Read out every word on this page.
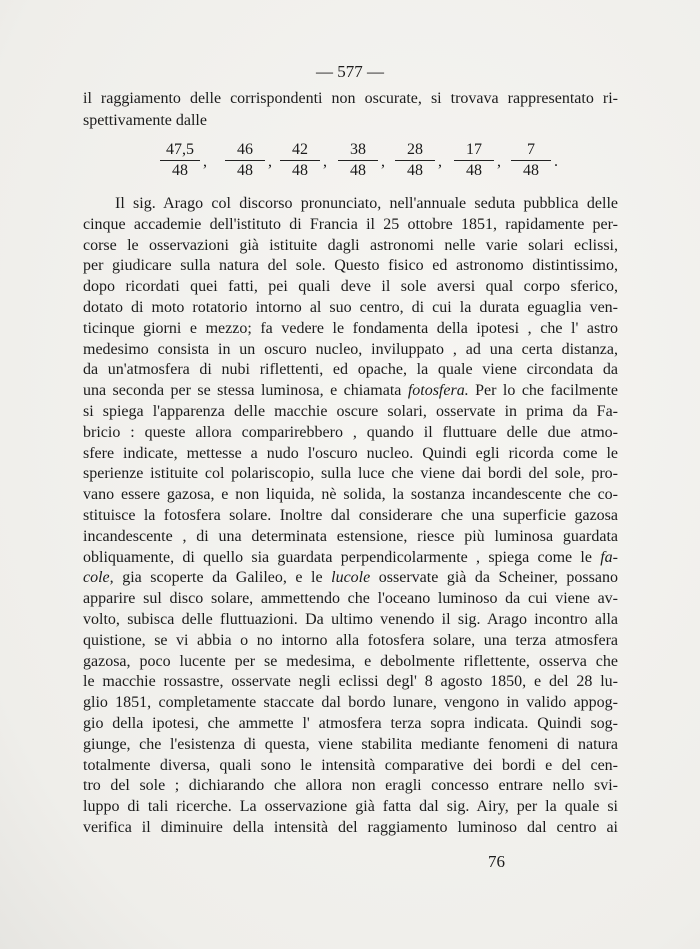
— 577 —
il raggiamento delle corrispondenti non oscurate, si trovava rappresentato ri-
spettivamente dalle
$\frac{47,5}{48}$ , $\frac{46}{48}$ , $\frac{42}{48}$ , $\frac{38}{48}$ , $\frac{28}{48}$ , $\frac{17}{48}$ , $\frac{7}{48}$ .
Il sig. Arago col discorso pronunciato, nell'annuale seduta pubblica delle
cinque accademie dell'istituto di Francia il 25 ottobre 1851, rapidamente per-
corse le osservazioni già istituite dagli astronomi nelle varie solari eclissi,
per giudicare sulla natura del sole. Questo fisico ed astronomo distintissimo,
dopo ricordati quei fatti, pei quali deve il sole aversi qual corpo sferico,
dotato di moto rotatorio intorno al suo centro, di cui la durata eguaglia ven-
ticinque giorni e mezzo; fa vedere le fondamenta della ipotesi , che l' astro
medesimo consista in un oscuro nucleo, inviluppato , ad una certa distanza,
da un'atmosfera di nubi riflettenti, ed opache, la quale viene circondata da
una seconda per se stessa luminosa, e chiamata fotosfera. Per lo che facilmente
si spiega l'apparenza delle macchie oscure solari, osservate in prima da Fa-
bricio : queste allora comparirebbero , quando il fluttuare delle due atmo-
sfere indicate, mettesse a nudo l'oscuro nucleo. Quindi egli ricorda come le
sperienze istituite col polariscopio, sulla luce che viene dai bordi del sole, pro-
vano essere gazosa, e non liquida, nè solida, la sostanza incandescente che co-
stituisce la fotosfera solare. Inoltre dal considerare che una superficie gazosa
incandescente , di una determinata estensione, riesce più luminosa guardata
obliquamente, di quello sia guardata perpendicolarmente , spiega come le fa-
cole, gia scoperte da Galileo, e le lucole osservate già da Scheiner, possano
apparire sul disco solare, ammettendo che l'oceano luminoso da cui viene av-
volto, subisca delle fluttuazioni. Da ultimo venendo il sig. Arago incontro alla
quistione, se vi abbia o no intorno alla fotosfera solare, una terza atmosfera
gazosa, poco lucente per se medesima, e debolmente riflettente, osserva che
le macchie rossastre, osservate negli eclissi degl' 8 agosto 1850, e del 28 lu-
glio 1851, completamente staccate dal bordo lunare, vengono in valido appog-
gio della ipotesi, che ammette l' atmosfera terza sopra indicata. Quindi sog-
giunge, che l'esistenza di questa, viene stabilita mediante fenomeni di natura
totalmente diversa, quali sono le intensità comparative dei bordi e del cen-
tro del sole ; dichiarando che allora non eragli concesso entrare nello svi-
luppo di tali ricerche. La osservazione già fatta dal sig. Airy, per la quale si
verifica il diminuire della intensità del raggiamento luminoso dal centro ai
76
